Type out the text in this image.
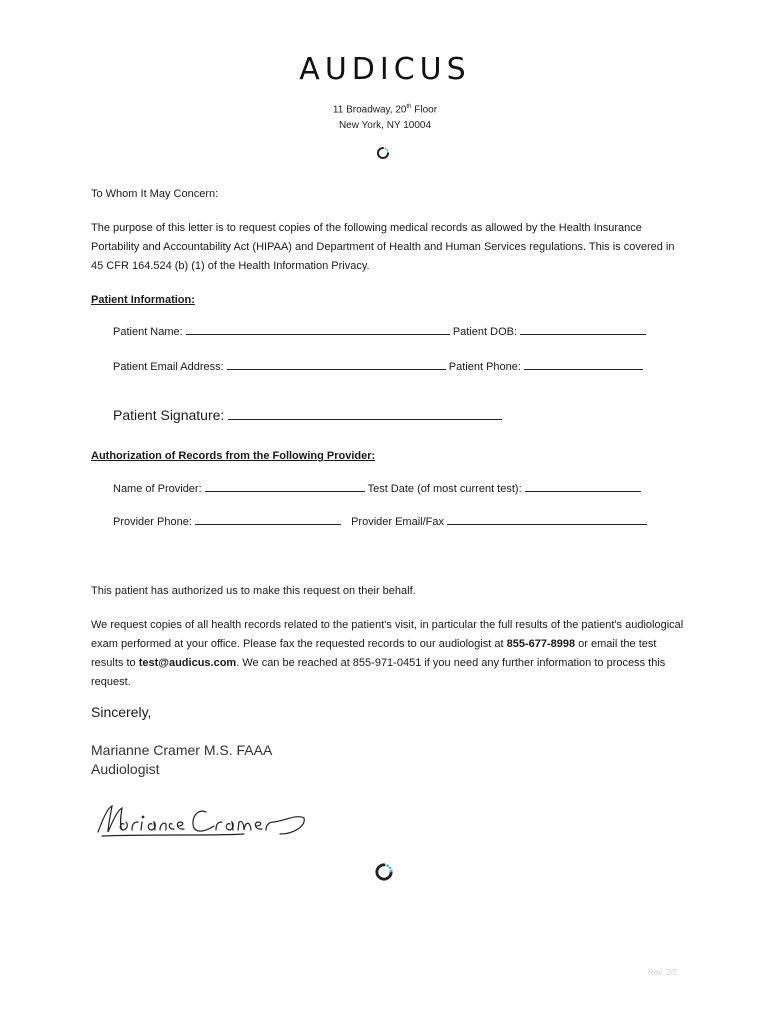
AUDICUS
11 Broadway, 20th Floor
New York, NY 10004
To Whom It May Concern:
The purpose of this letter is to request copies of the following medical records as allowed by the Health Insurance Portability and Accountability Act (HIPAA) and Department of Health and Human Services regulations. This is covered in 45 CFR 164.524 (b) (1) of the Health Information Privacy.
Patient Information:
Patient Name:	Patient DOB:
Patient Email Address:	Patient Phone:
Patient Signature:
Authorization of Records from the Following Provider:
Name of Provider:	Test Date (of most current test):
Provider Phone:	Provider Email/Fax
This patient has authorized us to make this request on their behalf.
We request copies of all health records related to the patient's visit, in particular the full results of the patient's audiological exam performed at your office. Please fax the requested records to our audiologist at 855-677-8998 or email the test results to test@audicus.com. We can be reached at 855-971-0451 if you need any further information to process this request.
Sincerely,
Marianne Cramer M.S. FAAA
Audiologist
Marianne Cramer
Rev. 2/2
